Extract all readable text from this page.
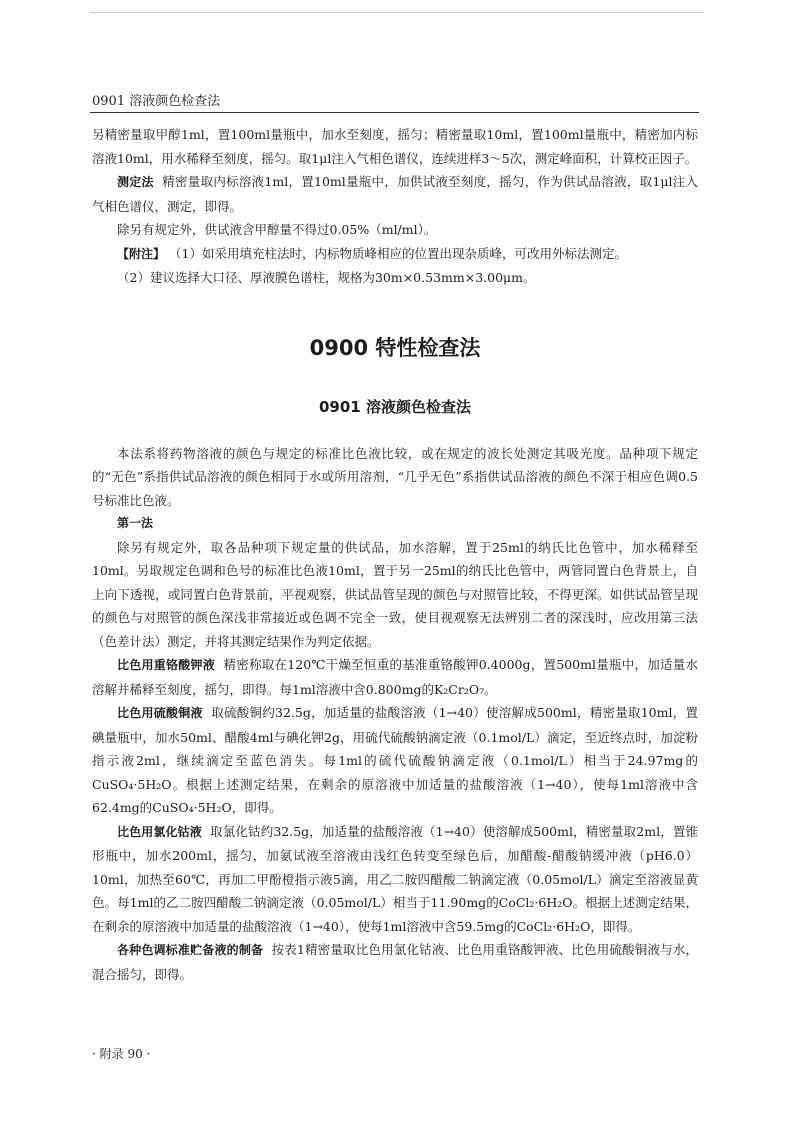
0901 溶液颜色检查法

另精密量取甲醇1ml，置100ml量瓶中，加水至刻度，摇匀；精密量取10ml，置100ml量瓶中，精密加内标溶液10ml，用水稀释至刻度，摇匀。取1μl注入气相色谱仪，连续进样3～5次，测定峰面积，计算校正因子。

测定法 精密量取内标溶液1ml，置10ml量瓶中，加供试液至刻度，摇匀，作为供试品溶液，取1μl注入气相色谱仪，测定，即得。

除另有规定外，供试液含甲醇量不得过0.05%（ml/ml）。

【附注】 （1）如采用填充柱法时，内标物质峰相应的位置出现杂质峰，可改用外标法测定。

（2）建议选择大口径、厚液膜色谱柱，规格为30m×0.53mm×3.00μm。

0900 特性检查法
0901 溶液颜色检查法

本法系将药物溶液的颜色与规定的标准比色液比较，或在规定的波长处测定其吸光度。品种项下规定的“无色”系指供试品溶液的颜色相同于水或所用溶剂，“几乎无色”系指供试品溶液的颜色不深于相应色调0.5号标准比色液。

第一法

除另有规定外，取各品种项下规定量的供试品，加水溶解，置于25ml的纳氏比色管中，加水稀释至10ml。另取规定色调和色号的标准比色液10ml，置于另一25ml的纳氏比色管中，两管同置白色背景上，自上向下透视，或同置白色背景前，平视观察，供试品管呈现的颜色与对照管比较，不得更深。如供试品管呈现的颜色与对照管的颜色深浅非常接近或色调不完全一致，使目视观察无法辨别二者的深浅时，应改用第三法（色差计法）测定，并将其测定结果作为判定依据。

比色用重铬酸钾液 精密称取在120℃干燥至恒重的基准重铬酸钾0.4000g，置500ml量瓶中，加适量水溶解并稀释至刻度，摇匀，即得。每1ml溶液中含0.800mg的K₂Cr₂O₇。

比色用硫酸铜液 取硫酸铜约32.5g，加适量的盐酸溶液（1→40）使溶解成500ml，精密量取10ml，置碘量瓶中，加水50ml、醋酸4ml与碘化钾2g，用硫代硫酸钠滴定液（0.1mol/L）滴定，至近终点时，加淀粉指示液2ml，继续滴定至蓝色消失。每1ml的硫代硫酸钠滴定液（0.1mol/L）相当于24.97mg的CuSO₄·5H₂O。根据上述测定结果，在剩余的原溶液中加适量的盐酸溶液（1→40），使每1ml溶液中含62.4mg的CuSO₄·5H₂O，即得。

比色用氯化钴液 取氯化钴约32.5g，加适量的盐酸溶液（1→40）使溶解成500ml，精密量取2ml，置锥形瓶中，加水200ml，摇匀，加氨试液至溶液由浅红色转变至绿色后，加醋酸-醋酸钠缓冲液（pH6.0）10ml，加热至60℃，再加二甲酚橙指示液5滴，用乙二胺四醋酸二钠滴定液（0.05mol/L）滴定至溶液显黄色。每1ml的乙二胺四醋酸二钠滴定液（0.05mol/L）相当于11.90mg的CoCl₂·6H₂O。根据上述测定结果，在剩余的原溶液中加适量的盐酸溶液（1→40），使每1ml溶液中含59.5mg的CoCl₂·6H₂O，即得。

各种色调标准贮备液的制备 按表1精密量取比色用氯化钴液、比色用重铬酸钾液、比色用硫酸铜液与水，混合摇匀，即得。

· 附录 90 ·
